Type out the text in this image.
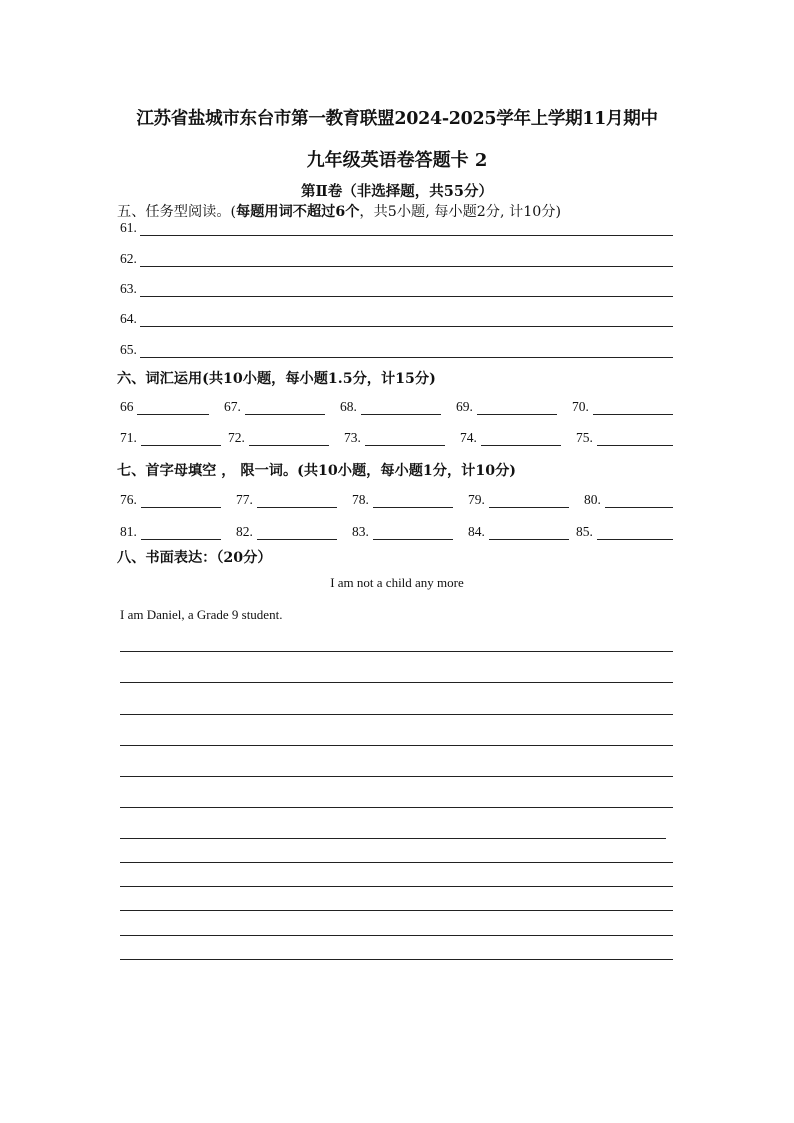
江苏省盐城市东台市第一教育联盟2024-2025学年上学期11月期中
九年级英语卷答题卡 2
第Ⅱ卷（非选择题，共55分）
五、任务型阅读。(每题用词不超过6个，共5小题, 每小题2分, 计10分)
61.
62.
63.
64.
65.
六、词汇运用(共10小题，每小题1.5分，计15分)
66	67.	68.	69.	70.
71.	72.	73.	74.	75.
七、首字母填空 ， 限一词。(共10小题，每小题1分，计10分)
76.	77.	78.	79.	80.
81.	82.	83.	84.	85.
八、书面表达：（20分）
I am not a child any more
I am Daniel, a Grade 9 student.
